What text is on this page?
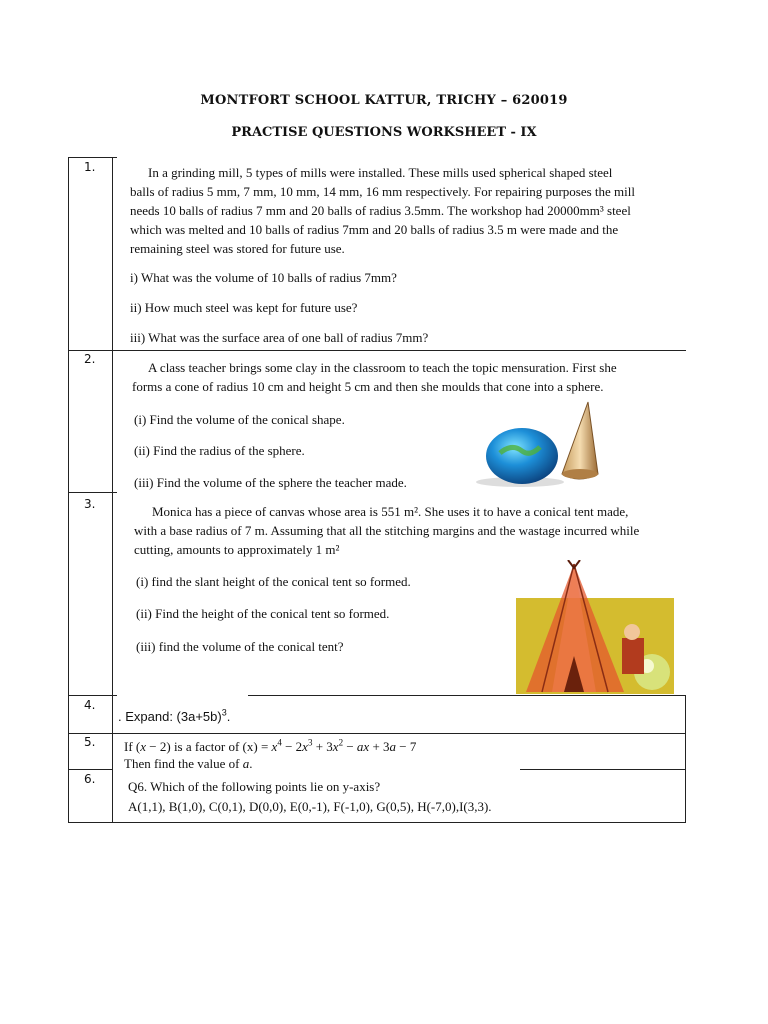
MONTFORT SCHOOL KATTUR, TRICHY – 620019
PRACTISE QUESTIONS WORKSHEET - IX
1.	In a grinding mill, 5 types of mills were installed. These mills used spherical shaped steel
balls of radius 5 mm, 7 mm, 10 mm, 14 mm, 16 mm respectively. For repairing purposes the mill
needs 10 balls of radius 7 mm and 20 balls of radius 3.5mm. The workshop had 20000mm³ steel
which was melted and 10 balls of radius 7mm and 20 balls of radius 3.5 m were made and the
remaining steel was stored for future use.
i) What was the volume of 10 balls of radius 7mm?
ii) How much steel was kept for future use?
iii) What was the surface area of one ball of radius 7mm?
2.
A class teacher brings some clay in the classroom to teach the topic mensuration. First she
forms a cone of radius 10 cm and height 5 cm and then she moulds that cone into a sphere.
(i) Find the volume of the conical shape.
(ii) Find the radius of the sphere.
(iii) Find the volume of the sphere the teacher made.
3.	Monica has a piece of canvas whose area is 551 m². She uses it to have a conical tent made,
with a base radius of 7 m. Assuming that all the stitching margins and the wastage incurred while
cutting, amounts to approximately 1 m²
(i) find the slant height of the conical tent so formed.
(ii) Find the height of the conical tent so formed.
(iii) find the volume of the conical tent?
4.
. Expand: $(3a+5b)^3$.
5. If (x − 2) is a factor of $(x) = x^4 - 2x^3 + 3x^2$ − ax + 3a − 7
Then find the value of a.
6.	Q6. Which of the following points lie on y-axis?
A(1,1), B(1,0), C(0,1), D(0,0), E(0,-1), F(-1,0), G(0,5), H(-7,0),I(3,3).
